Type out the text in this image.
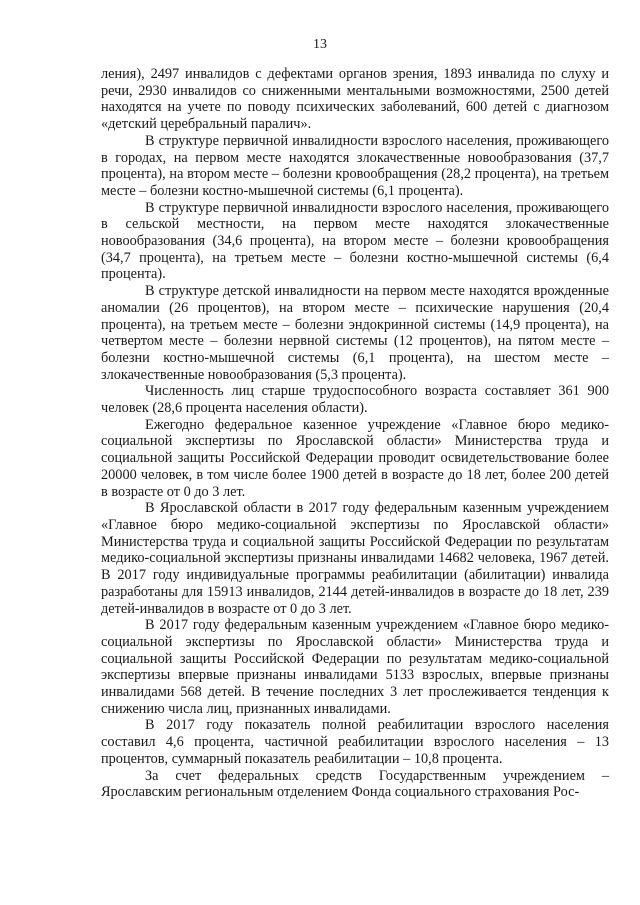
13

ления), 2497 инвалидов с дефектами органов зрения, 1893 инвалида по слуху и речи, 2930 инвалидов со сниженными ментальными возможностями, 2500 детей находятся на учете по поводу психических заболеваний, 600 детей с диагнозом «детский церебральный паралич».

В структуре первичной инвалидности взрослого населения, проживающего в городах, на первом месте находятся злокачественные новообразования (37,7 процента), на втором месте – болезни кровообращения (28,2 процента), на третьем месте – болезни костно-мышечной системы (6,1 процента).

В структуре первичной инвалидности взрослого населения, проживающего в сельской местности, на первом месте находятся злокачественные новообразования (34,6 процента), на втором месте – болезни кровообращения (34,7 процента), на третьем месте – болезни костно-мышечной системы (6,4 процента).

В структуре детской инвалидности на первом месте находятся врожденные аномалии (26 процентов), на втором месте – психические нарушения (20,4 процента), на третьем месте – болезни эндокринной системы (14,9 процента), на четвертом месте – болезни нервной системы (12 процентов), на пятом месте – болезни костно-мышечной системы (6,1 процента), на шестом месте – злокачественные новообразования (5,3 процента).

Численность лиц старше трудоспособного возраста составляет 361 900 человек (28,6 процента населения области).

Ежегодно федеральное казенное учреждение «Главное бюро медико-социальной экспертизы по Ярославской области» Министерства труда и социальной защиты Российской Федерации проводит освидетельствование более 20000 человек, в том числе более 1900 детей в возрасте до 18 лет, более 200 детей в возрасте от 0 до 3 лет.

В Ярославской области в 2017 году федеральным казенным учреждением «Главное бюро медико-социальной экспертизы по Ярославской области» Министерства труда и социальной защиты Российской Федерации по результатам медико-социальной экспертизы признаны инвалидами 14682 человека, 1967 детей. В 2017 году индивидуальные программы реабилитации (абилитации) инвалида разработаны для 15913 инвалидов, 2144 детей-инвалидов в возрасте до 18 лет, 239 детей-инвалидов в возрасте от 0 до 3 лет.

В 2017 году федеральным казенным учреждением «Главное бюро медико-социальной экспертизы по Ярославской области» Министерства труда и социальной защиты Российской Федерации по результатам медико-социальной экспертизы впервые признаны инвалидами 5133 взрослых, впервые признаны инвалидами 568 детей. В течение последних 3 лет прослеживается тенденция к снижению числа лиц, признанных инвалидами.

В 2017 году показатель полной реабилитации взрослого населения составил 4,6 процента, частичной реабилитации взрослого населения – 13 процентов, суммарный показатель реабилитации – 10,8 процента.

За счет федеральных средств Государственным учреждением – Ярославским региональным отделением Фонда социального страхования Рос-
